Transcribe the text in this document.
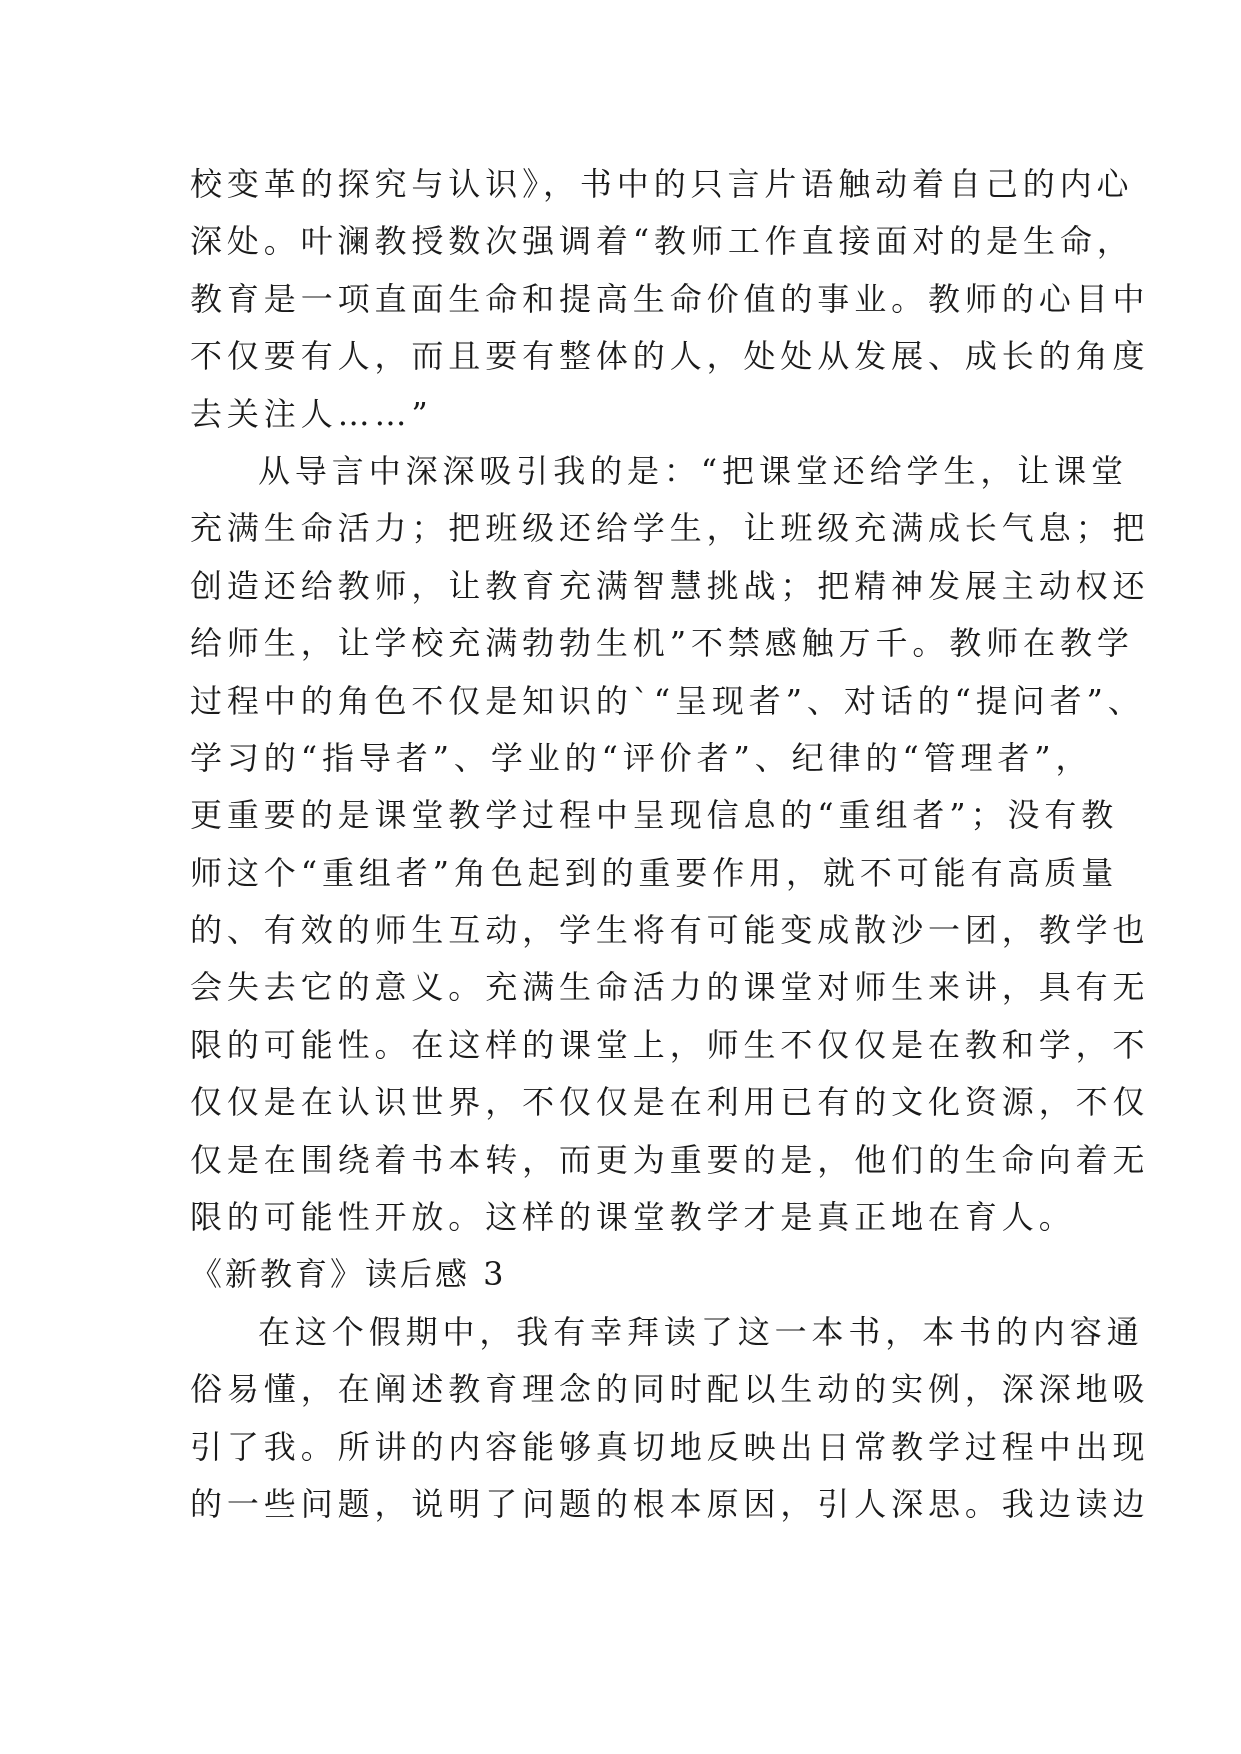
校变革的探究与认识》，书中的只言片语触动着自己的内心
深处。叶澜教授数次强调着“教师工作直接面对的是生命，
教育是一项直面生命和提高生命价值的事业。教师的心目中
不仅要有人，而且要有整体的人，处处从发展、成长的角度
去关注人……”
从导言中深深吸引我的是：“把课堂还给学生，让课堂
充满生命活力；把班级还给学生，让班级充满成长气息；把
创造还给教师，让教育充满智慧挑战；把精神发展主动权还
给师生，让学校充满勃勃生机”不禁感触万千。教师在教学
过程中的角色不仅是知识的`“呈现者”、对话的“提问者”、
学习的“指导者”、学业的“评价者”、纪律的“管理者”，
更重要的是课堂教学过程中呈现信息的“重组者”；没有教
师这个“重组者”角色起到的重要作用，就不可能有高质量
的、有效的师生互动，学生将有可能变成散沙一团，教学也
会失去它的意义。充满生命活力的课堂对师生来讲，具有无
限的可能性。在这样的课堂上，师生不仅仅是在教和学，不
仅仅是在认识世界，不仅仅是在利用已有的文化资源，不仅
仅是在围绕着书本转，而更为重要的是，他们的生命向着无
限的可能性开放。这样的课堂教学才是真正地在育人。
《新教育》读后感 3
在这个假期中，我有幸拜读了这一本书，本书的内容通
俗易懂，在阐述教育理念的同时配以生动的实例，深深地吸
引了我。所讲的内容能够真切地反映出日常教学过程中出现
的一些问题，说明了问题的根本原因，引人深思。我边读边
